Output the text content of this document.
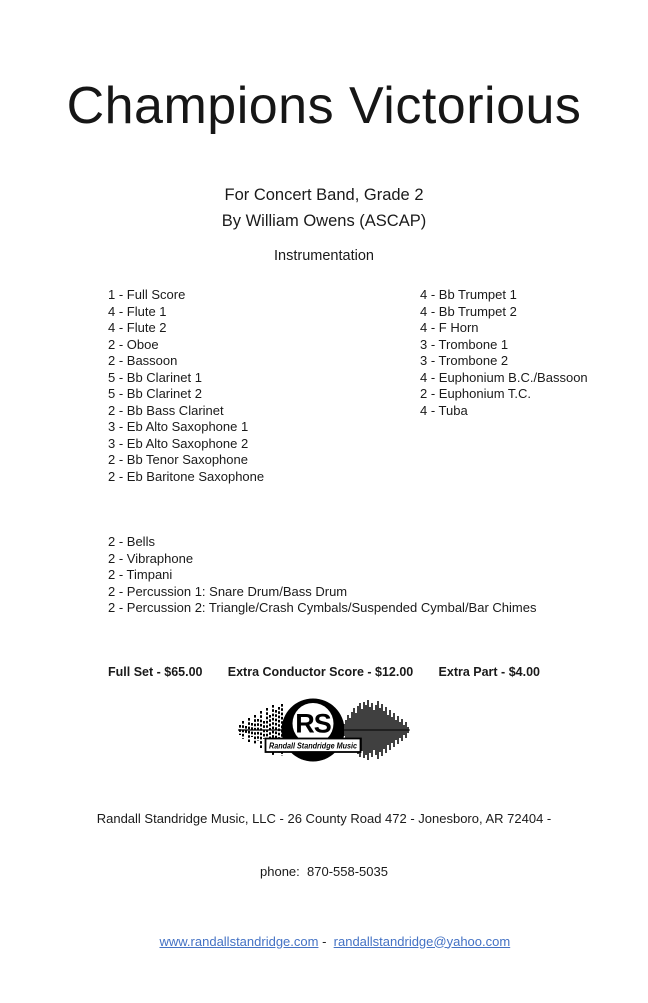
Champions Victorious
For Concert Band, Grade 2
By William Owens (ASCAP)
Instrumentation
1 - Full Score
4 - Flute 1
4 - Flute 2
2 - Oboe
2 - Bassoon
5 - Bb Clarinet 1
5 - Bb Clarinet 2
2 - Bb Bass Clarinet
3 - Eb Alto Saxophone 1
3 - Eb Alto Saxophone 2
2 - Bb Tenor Saxophone
2 - Eb Baritone Saxophone
4 - Bb Trumpet 1
4 - Bb Trumpet 2
4 - F Horn
3 - Trombone 1
3 - Trombone 2
4 - Euphonium B.C./Bassoon
2 - Euphonium T.C.
4 - Tuba
2 - Bells
2 - Vibraphone
2 - Timpani
2 - Percussion 1: Snare Drum/Bass Drum
2 - Percussion 2: Triangle/Crash Cymbals/Suspended Cymbal/Bar Chimes
Full Set - $65.00 Extra Conductor Score - $12.00 Extra Part - $4.00
RS
Randall Standridge Music

Randall Standridge Music, LLC - 26 County Road 472 - Jonesboro, AR 72404 -

phone:  870-558-5035

www.randallstandridge.com - randallstandridge@yahoo.com
